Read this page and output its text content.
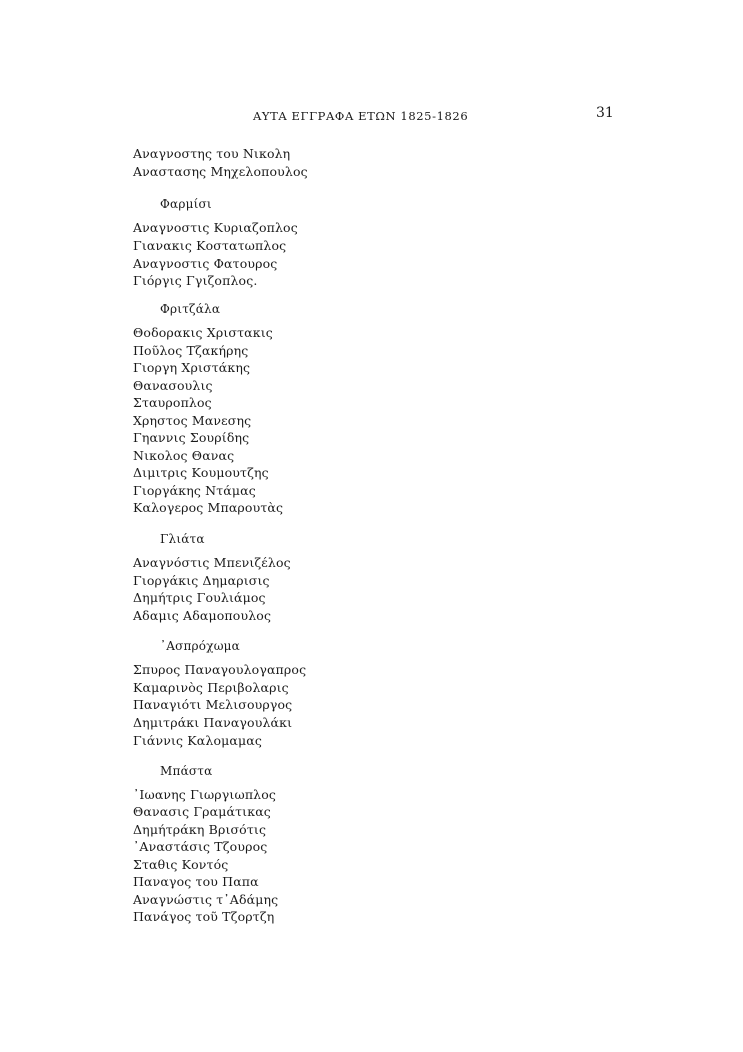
ΑΥΤΑ ΕΓΓΡΑΦΑ ΕΤΩΝ 1825-1826	31
Αναγνοστης του Νικολη
Αναστασης Μηχελοπουλος
Φαρμίσι
Αναγνοστις Κυριαζοπλος
Γιανακις Κοστατωπλος
Αναγνοστις Φατουρος
Γιόργις Γγιζοπλος.
Φριτζάλα
Θοδορακις Χριστακις
Ποῦλος Τζακήρης
Γιοργη Χριστάκης
Θανασουλις
Σταυροπλος
Χρηστος Μανεσης
Γηαννις Σουρίδης
Νικολος Θανας
Διμιτρις Κουμουτζης
Γιοργάκης Ντάμας
Καλογερος Μπαρουτὰς
Γλιάτα
Αναγνόστις Μπενιζέλος
Γιοργάκις Δημαρισις
Δημήτρις Γουλιάμος
Αδαμις Αδαμοπουλος
᾿Ασπρόχωμα
Σπυρος Παναγουλογαπρος
Καμαρινὸς Περιβολαρις
Παναγιότι Μελισουργος
Δημιτράκι Παναγουλάκι
Γιάννις Καλομαμας
Μπάστα
᾿Ιωανης Γιωργιωπλος
Θανασις Γραμάτικας
Δημήτράκη Βρισότις
᾿Αναστάσις Τζουρος
Σταθις Κοντός
Παναγος του Παπα
Αναγνώστις τ᾿Αδάμης
Πανάγος τοῦ Τζορτζη
